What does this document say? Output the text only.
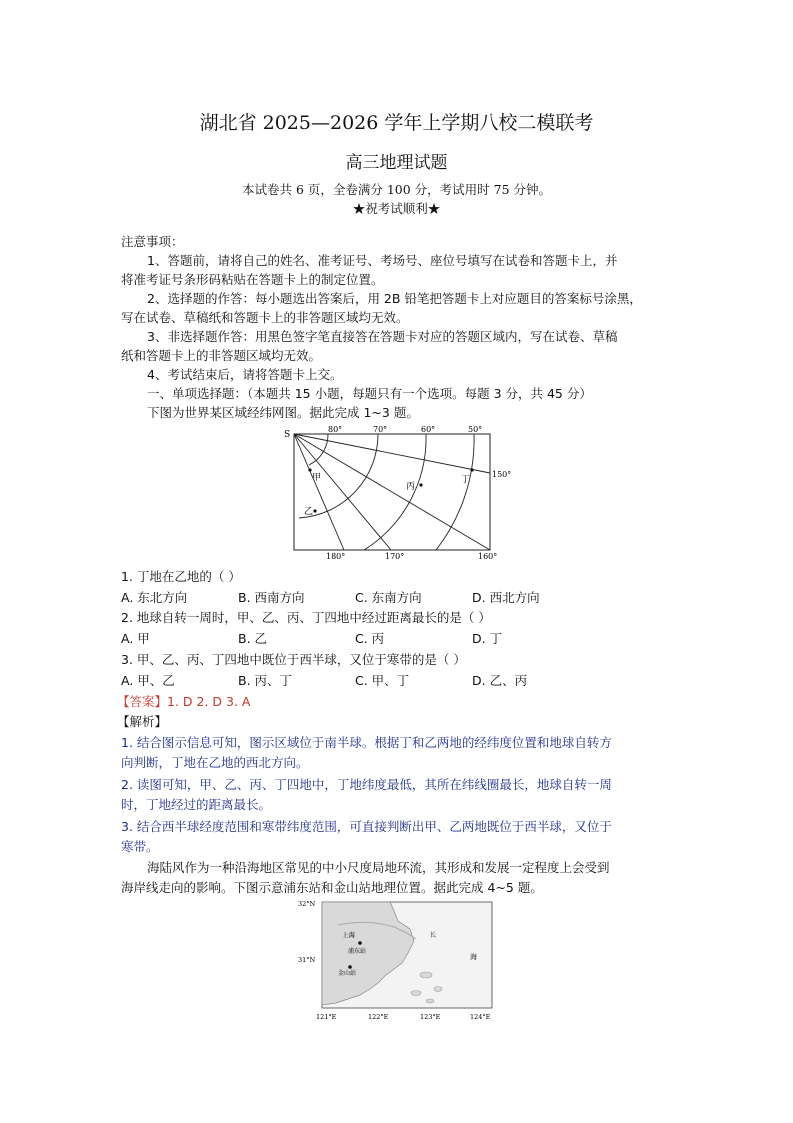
湖北省 2025—2026 学年上学期八校二模联考
高三地理试题
本试卷共 6 页，全卷满分 100 分，考试用时 75 分钟。
★祝考试顺利★
注意事项：
1、答题前，请将自己的姓名、准考证号、考场号、座位号填写在试卷和答题卡上，并
将准考证号条形码粘贴在答题卡上的制定位置。
2、选择题的作答：每小题选出答案后，用 2B 铅笔把答题卡上对应题目的答案标号涂黑，
写在试卷、草稿纸和答题卡上的非答题区域均无效。
3、非选择题作答：用黑色签字笔直接答在答题卡对应的答题区域内，写在试卷、草稿
纸和答题卡上的非答题区域均无效。
4、考试结束后，请将答题卡上交。
一、单项选择题：（本题共 15 小题，每题只有一个选项。每题 3 分，共 45 分）
下图为世界某区域经纬网图。据此完成 1~3 题。
S
80°	70°	60°	50°
150°
180°	170°	160°
甲
乙
丙
丁
1. 丁地在乙地的（ ）
A. 东北方向	B. 西南方向	C. 东南方向	D. 西北方向
2. 地球自转一周时，甲、乙、丙、丁四地中经过距离最长的是（ ）
A. 甲	B. 乙	C. 丙	D. 丁
3. 甲、乙、丙、丁四地中既位于西半球，又位于寒带的是（ ）
A. 甲、乙	B. 丙、丁	C. 甲、丁	D. 乙、丙
【答案】1. D 2. D 3. A
【解析】
1. 结合图示信息可知，图示区域位于南半球。根据丁和乙两地的经纬度位置和地球自转方
向判断，丁地在乙地的西北方向。
2. 读图可知，甲、乙、丙、丁四地中，丁地纬度最低，其所在纬线圈最长，地球自转一周
时，丁地经过的距离最长。
3. 结合西半球经度范围和寒带纬度范围，可直接判断出甲、乙两地既位于西半球，又位于
寒带。
海陆风作为一种沿海地区常见的中小尺度局地环流，其形成和发展一定程度上会受到
海岸线走向的影响。下图示意浦东站和金山站地理位置。据此完成 4~5 题。
32°N
31°N
121°E	122°E	123°E	124°E
上海
浦东站
金山站
海
长
